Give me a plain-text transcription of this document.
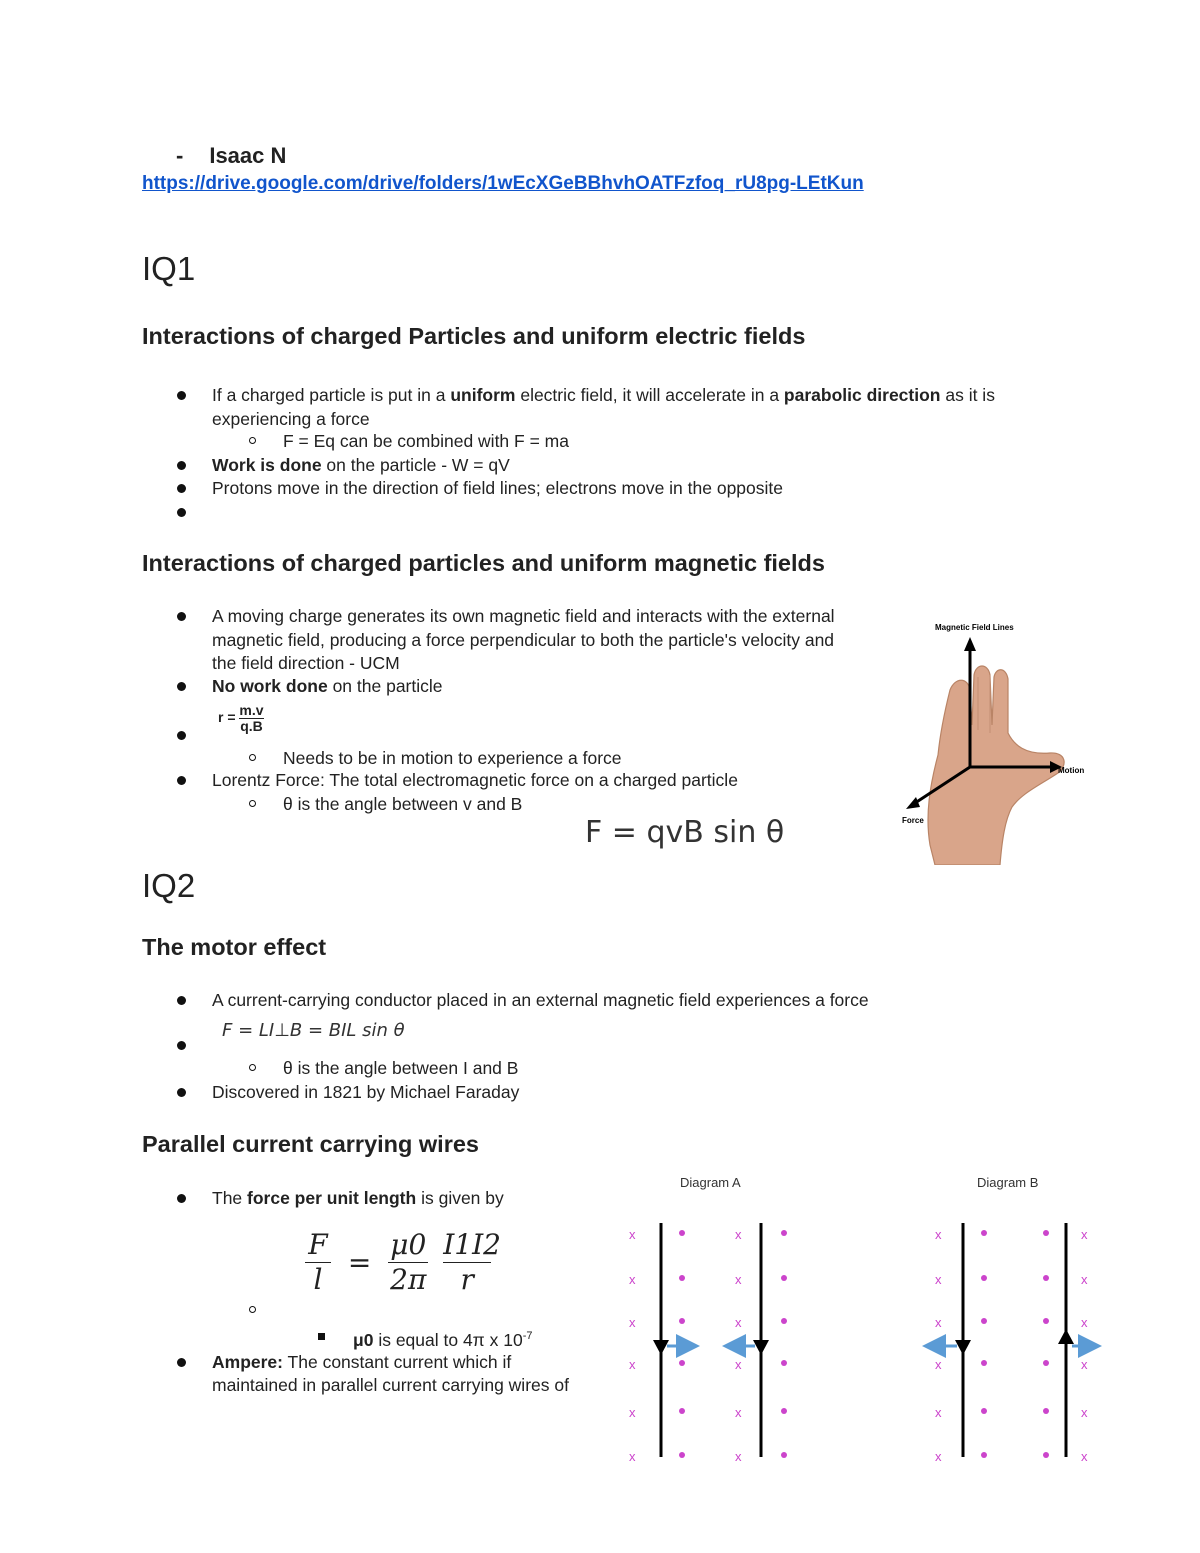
- Isaac N
https://drive.google.com/drive/folders/1wEcXGeBBhvhOATFzfoq_rU8pg-LEtKun
IQ1
Interactions of charged Particles and uniform electric fields
If a charged particle is put in a uniform electric field, it will accelerate in a parabolic direction as it is
experiencing a force
F = Eq can be combined with F = ma
Work is done on the particle - W = qV
Protons move in the direction of field lines; electrons move in the opposite
Interactions of charged particles and uniform magnetic fields
A moving charge generates its own magnetic field and interacts with the external
magnetic field, producing a force perpendicular to both the particle's velocity and
the field direction - UCM
No work done on the particle
$r = \frac{m.v}{q.B}$
Needs to be in motion to experience a force
Lorentz Force: The total electromagnetic force on a charged particle
θ is the angle between v and B
F = qvB sin θ
Magnetic Field Lines
Motion
Force
IQ2
The motor effect
A current-carrying conductor placed in an external magnetic field experiences a force
F = LI⊥B = BIL sin θ
θ is the angle between I and B
Discovered in 1821 by Michael Faraday
Parallel current carrying wires
The force per unit length is given by
$\frac{F}{l} = \frac{\mu 0}{2\pi}$
$\frac{I1I2}{r}$
μ0 is equal to 4π x $10^{-7}$
Ampere: The constant current which if
maintained in parallel current carrying wires of
Diagram A	Diagram B
x
x
x
x
x
x
x
x
x
x
x
x
x
x
x
x
x
x
x
x
x
x
x
x
